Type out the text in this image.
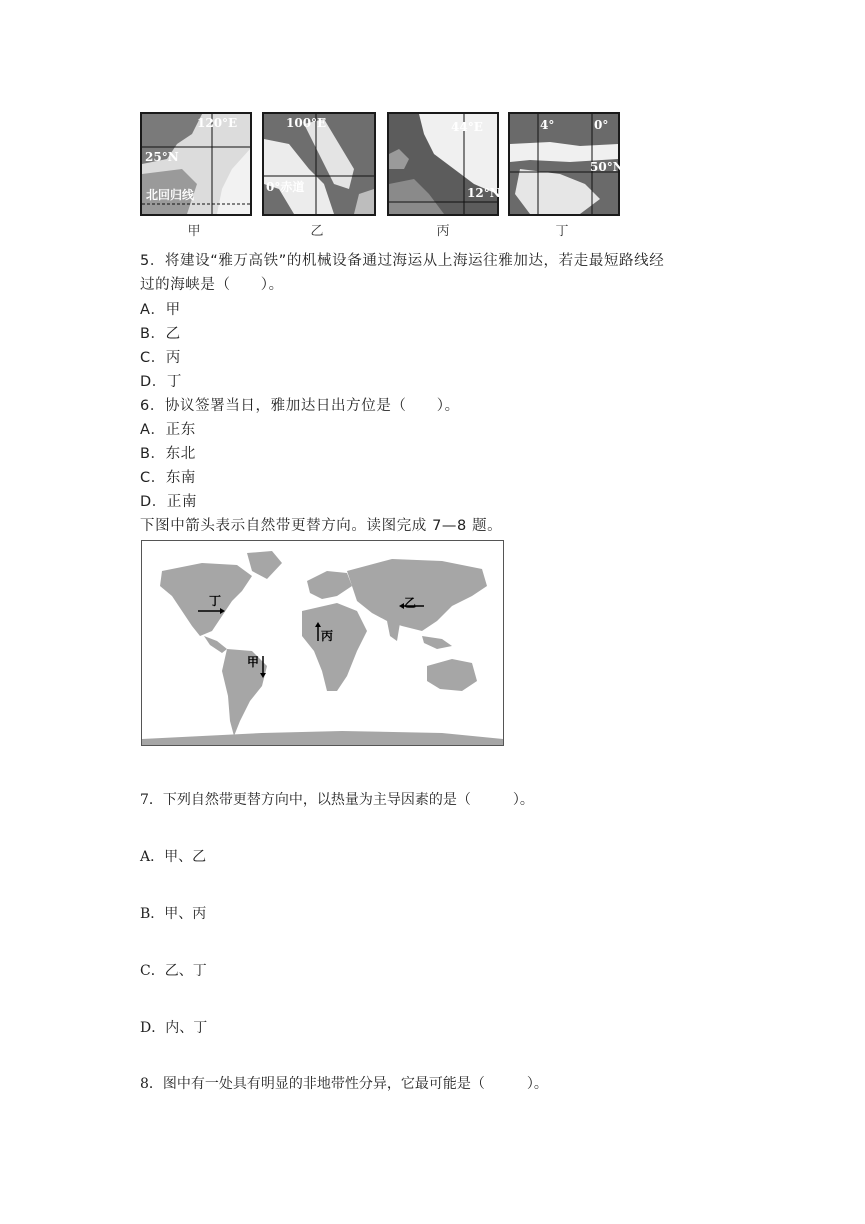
120°E
25°N
北回归线
甲
100°E
0°赤道
乙
44°E
12°N
丙
4°	0°
50°N
丁
5．将建设“雅万高铁”的机械设备通过海运从上海运往雅加达，若走最短路线经
过的海峡是（　　）。
A．甲
B．乙
C．丙
D．丁
6．协议签署当日，雅加达日出方位是（　　）。
A．正东
B．东北
C．东南
D．正南
下图中箭头表示自然带更替方向。读图完成 7—8 题。
丁	乙
丙
甲
7．下列自然带更替方向中，以热量为主导因素的是（　　　）。
A．甲、乙
B．甲、丙
C．乙、丁
D．内、丁
8．图中有一处具有明显的非地带性分异，它最可能是（　　　）。
